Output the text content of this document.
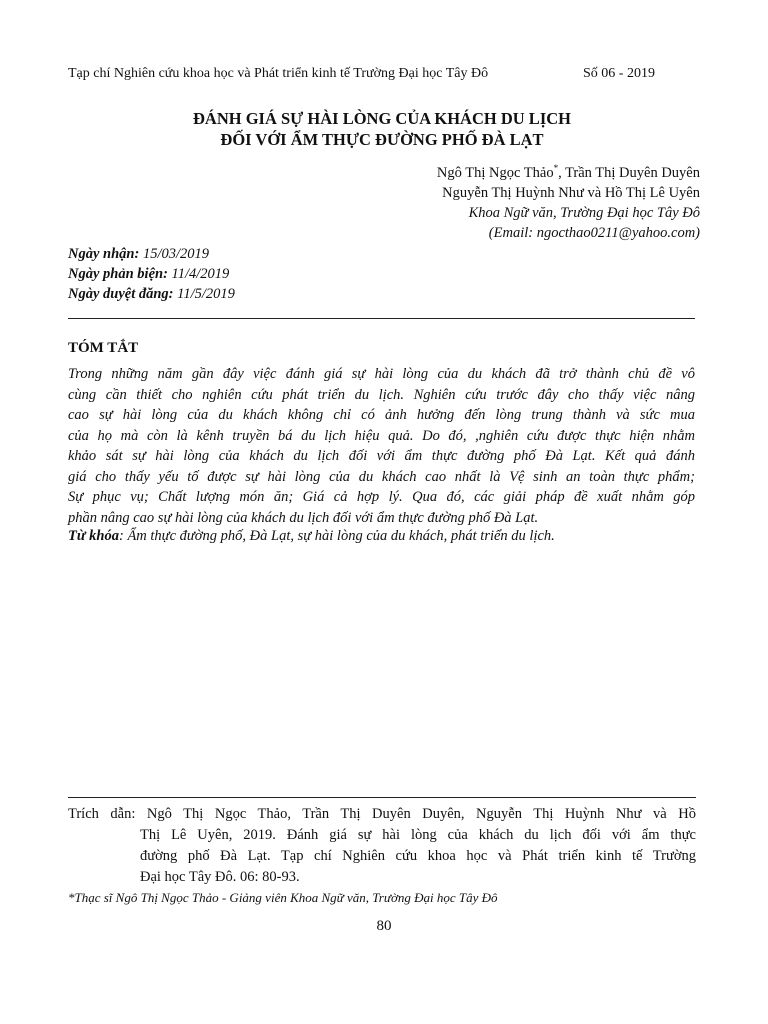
Tạp chí Nghiên cứu khoa học và Phát triển kinh tế Trường Đại học Tây Đô	Số 06 - 2019
ĐÁNH GIÁ SỰ HÀI LÒNG CỦA KHÁCH DU LỊCH
ĐỐI VỚI ẨM THỰC ĐƯỜNG PHỐ ĐÀ LẠT
Ngô Thị Ngọc Thảo*, Trần Thị Duyên Duyên
Nguyễn Thị Huỳnh Như và Hồ Thị Lê Uyên
Khoa Ngữ văn, Trường Đại học Tây Đô
(Email: ngocthao0211@yahoo.com)
Ngày nhận: 15/03/2019
Ngày phản biện: 11/4/2019
Ngày duyệt đăng: 11/5/2019
TÓM TẮT
Trong những năm gần đây việc đánh giá sự hài lòng của du khách đã trở thành chủ đề vô
cùng cần thiết cho nghiên cứu phát triển du lịch. Nghiên cứu trước đây cho thấy việc nâng
cao sự hài lòng của du khách không chỉ có ảnh hưởng đến lòng trung thành và sức mua
của họ mà còn là kênh truyền bá du lịch hiệu quả. Do đó, ,nghiên cứu được thực hiện nhằm
khảo sát sự hài lòng của khách du lịch đối với ẩm thực đường phố Đà Lạt. Kết quả đánh
giá cho thấy yếu tố được sự hài lòng của du khách cao nhất là Vệ sinh an toàn thực phẩm;
Sự phục vụ; Chất lượng món ăn; Giá cả hợp lý. Qua đó, các giải pháp đề xuất nhằm góp
phần nâng cao sự hài lòng của khách du lịch đối với ẩm thực đường phố Đà Lạt.
Từ khóa: Ẩm thực đường phố, Đà Lạt, sự hài lòng của du khách, phát triển du lịch.
Trích dẫn: Ngô Thị Ngọc Thảo, Trần Thị Duyên Duyên, Nguyễn Thị Huỳnh Như và Hồ
Thị Lê Uyên, 2019. Đánh giá sự hài lòng của khách du lịch đối với ẩm thực
đường phố Đà Lạt. Tạp chí Nghiên cứu khoa học và Phát triển kinh tế Trường
Đại học Tây Đô. 06: 80-93.
*Thạc sĩ Ngô Thị Ngọc Thảo - Giảng viên Khoa Ngữ văn, Trường Đại học Tây Đô
80
